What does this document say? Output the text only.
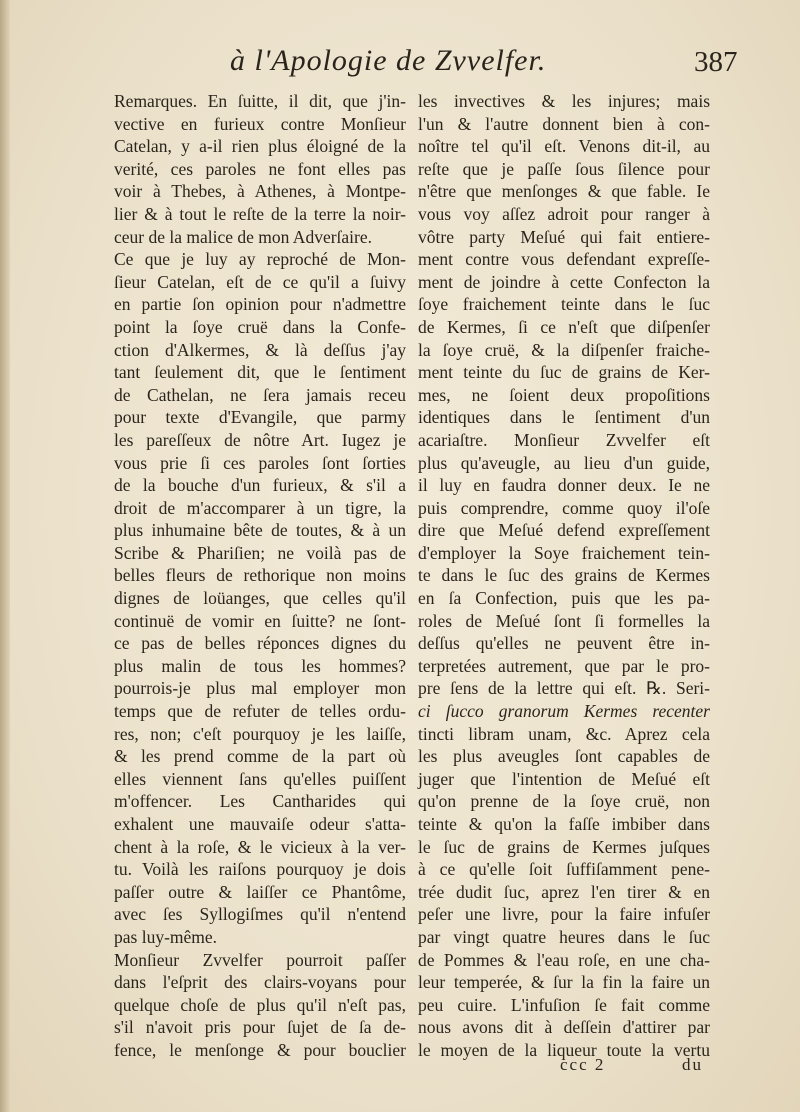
à l'Apologie de Zvvelfer.	387
Remarques. En ſuitte, il dit, que j'in-
vective en furieux contre Monſieur
Catelan, y a-il rien plus éloigné de la
verité, ces paroles ne font elles pas
voir à Thebes, à Athenes, à Montpe-
lier & à tout le reſte de la terre la noir-
ceur de la malice de mon Adverſaire.
Ce que je luy ay reproché de Mon-
ſieur Catelan, eſt de ce qu'il a ſuivy
en partie ſon opinion pour n'admettre
point la ſoye cruë dans la Confe-
ction d'Alkermes, & là deſſus j'ay
tant ſeulement dit, que le ſentiment
de Cathelan, ne ſera jamais receu
pour texte d'Evangile, que parmy
les pareſſeux de nôtre Art. Iugez je
vous prie ſi ces paroles ſont ſorties
de la bouche d'un furieux, & s'il a
droit de m'accomparer à un tigre, la
plus inhumaine bête de toutes, & à un
Scribe & Phariſien; ne voilà pas de
belles fleurs de rethorique non moins
dignes de loüanges, que celles qu'il
continuë de vomir en ſuitte? ne ſont-
ce pas de belles réponces dignes du
plus malin de tous les hommes?
pourrois-je plus mal employer mon
temps que de refuter de telles ordu-
res, non; c'eſt pourquoy je les laiſſe,
& les prend comme de la part où
elles viennent ſans qu'elles puiſſent
m'offencer. Les Cantharides qui
exhalent une mauvaiſe odeur s'atta-
chent à la roſe, & le vicieux à la ver-
tu. Voilà les raiſons pourquoy je dois
paſſer outre & laiſſer ce Phantôme,
avec ſes Syllogiſmes qu'il n'entend
pas luy-même.
Monſieur Zvvelfer pourroit paſſer
dans l'eſprit des clairs-voyans pour
quelque choſe de plus qu'il n'eſt pas,
s'il n'avoit pris pour ſujet de ſa de-
fence, le menſonge & pour bouclier
les invectives & les injures; mais
l'un & l'autre donnent bien à con-
noître tel qu'il eſt. Venons dit-il, au
reſte que je paſſe ſous ſilence pour
n'être que menſonges & que fable. Ie
vous voy aſſez adroit pour ranger à
vôtre party Meſué qui fait entiere-
ment contre vous defendant expreſſe-
ment de joindre à cette Confecton la
ſoye fraichement teinte dans le ſuc
de Kermes, ſi ce n'eſt que diſpenſer
la ſoye cruë, & la diſpenſer fraiche-
ment teinte du ſuc de grains de Ker-
mes, ne ſoient deux propoſitions
identiques dans le ſentiment d'un
acariaſtre. Monſieur Zvvelfer eſt
plus qu'aveugle, au lieu d'un guide,
il luy en faudra donner deux. Ie ne
puis comprendre, comme quoy il'oſe
dire que Meſué defend expreſſement
d'employer la Soye fraichement tein-
te dans le ſuc des grains de Kermes
en ſa Confection, puis que les pa-
roles de Meſué ſont ſi formelles la
deſſus qu'elles ne peuvent être in-
terpretées autrement, que par le pro-
pre ſens de la lettre qui eſt. ℞. Seri-
ci ſucco granorum Kermes recenter
tincti libram unam, &c. Aprez cela
les plus aveugles ſont capables de
juger que l'intention de Meſué eſt
qu'on prenne de la ſoye cruë, non
teinte & qu'on la faſſe imbiber dans
le ſuc de grains de Kermes juſques
à ce qu'elle ſoit ſuffiſamment pene-
trée dudit ſuc, aprez l'en tirer & en
peſer une livre, pour la faire infuſer
par vingt quatre heures dans le ſuc
de Pommes & l'eau roſe, en une cha-
leur temperée, & ſur la fin la faire un
peu cuire. L'infuſion ſe fait comme
nous avons dit à deſſein d'attirer par
le moyen de la liqueur toute la vertu
ccc 2	du
